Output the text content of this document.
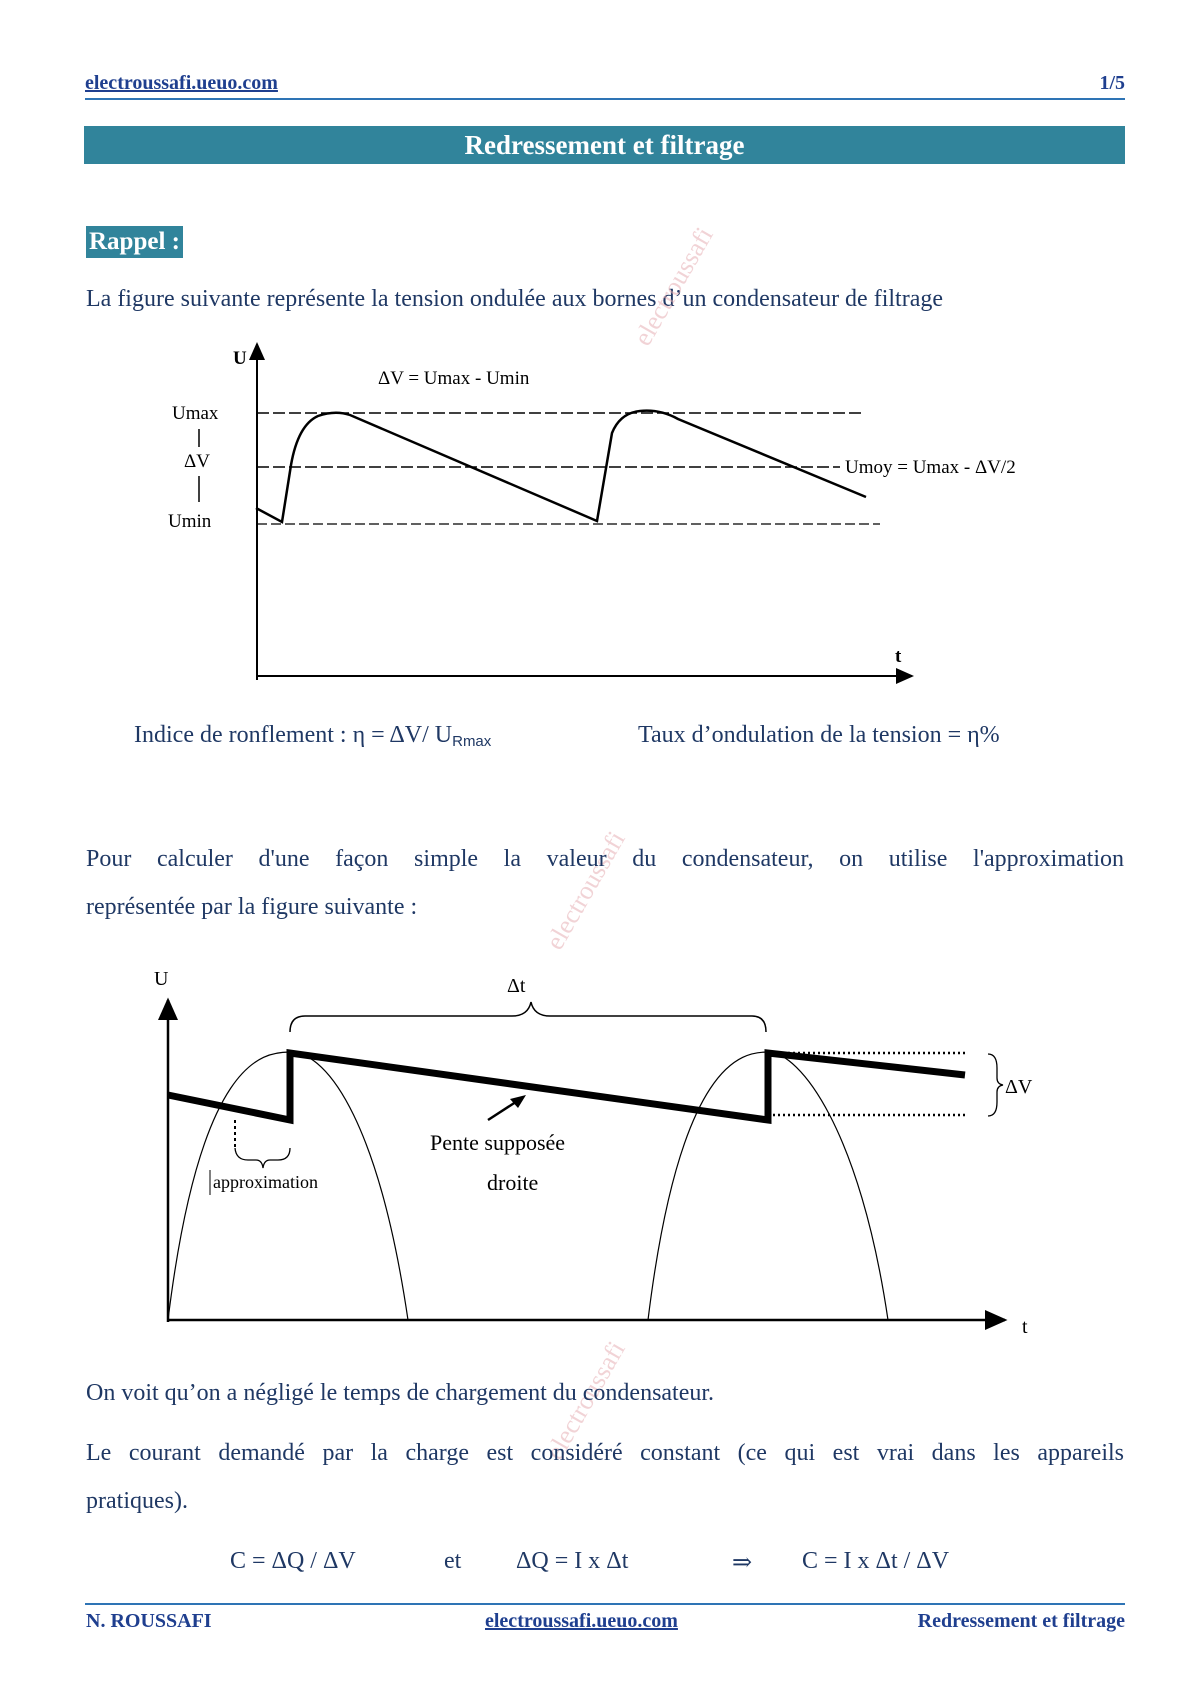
electroussafi.ueuo.com	1/5
Redressement et filtrage
Rappel :
La figure suivante représente la tension ondulée aux bornes d’un condensateur de filtrage
electroussafi
electroussafi
electroussafi
U
t
Umax
ΔV
Umin
ΔV = Umax - Umin
Umoy = Umax - ΔV/2
Indice de ronflement : η = ΔV/ $U_{Rmax}$	Taux d’ondulation de la tension = η%
Pour calculer d'une façon simple la valeur du condensateur, on utilise l'approximation
représentée par la figure suivante :
U
t
approximation
Δt
ΔV
Pente supposée
droite
On voit qu’on a négligé le temps de chargement du condensateur.
Le courant demandé par la charge est considéré constant (ce qui est vrai dans les appareils
pratiques).
C = ΔQ / ΔV	et ΔQ = I x Δt	⇒ C = I x Δt / ΔV
N. ROUSSAFI	electroussafi.ueuo.com	Redressement et filtrage
